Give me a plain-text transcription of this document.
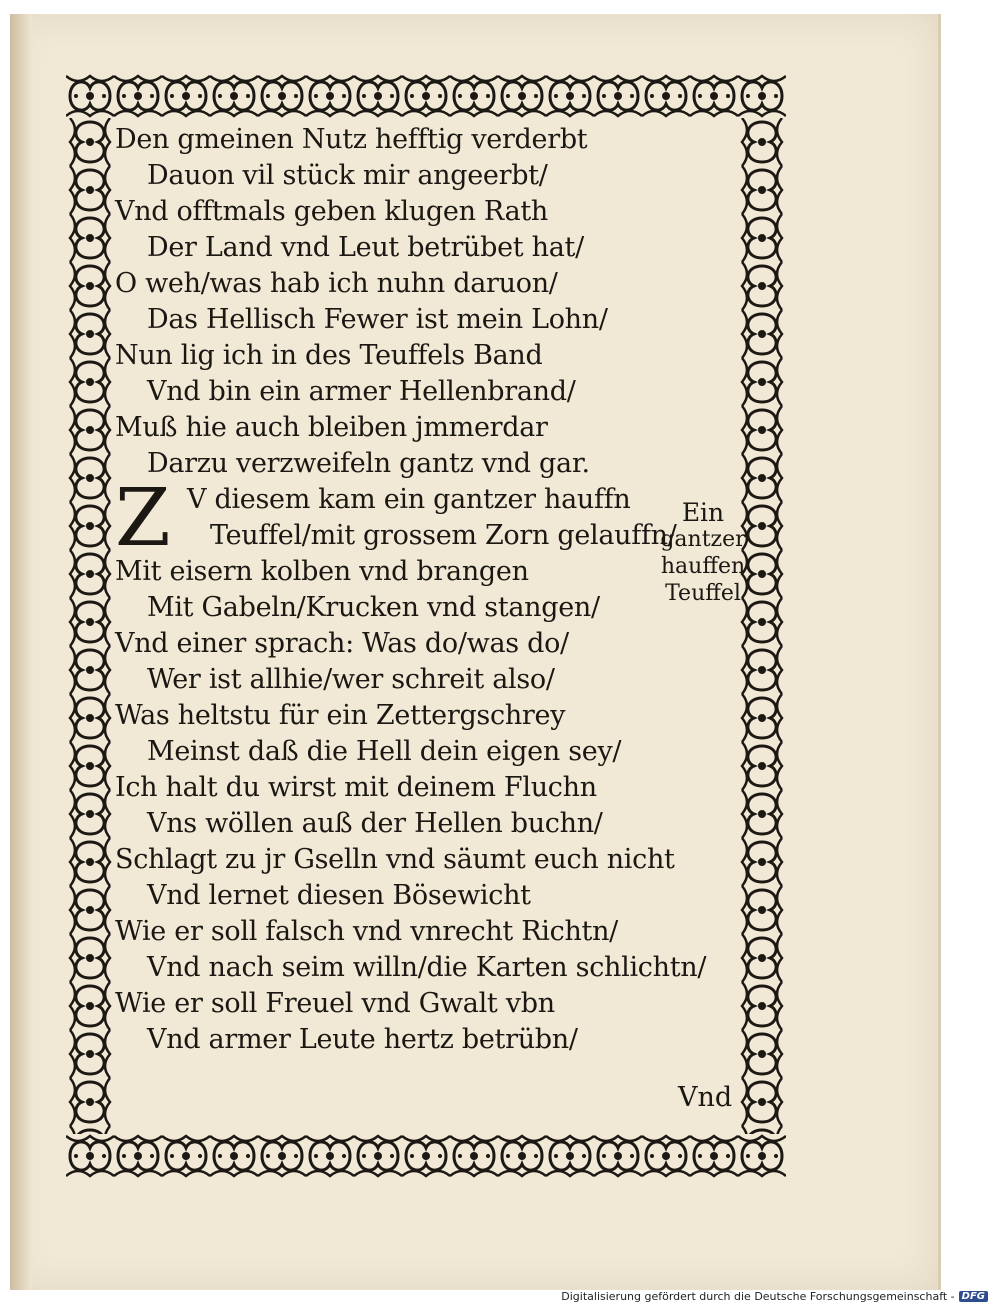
Den gmeinen Nutz hefftig verderbt
Dauon vil stück mir angeerbt/
Vnd offtmals geben klugen Rath
Der Land vnd Leut betrübet hat/
O weh/was hab ich nuhn daruon/
Das Hellisch Fewer ist mein Lohn/
Nun lig ich in des Teuffels Band
Vnd bin ein armer Hellenbrand/
Muß hie auch bleiben jmmerdar
Darzu verzweifeln gantz vnd gar.
Z V diesem kam ein gantzer hauffn
Teuffel/mit grossem Zorn gelauffn/
Mit eisern kolben vnd brangen
Mit Gabeln/Krucken vnd stangen/
Vnd einer sprach: Was do/was do/
Wer ist allhie/wer schreit also/
Was heltstu für ein Zettergschrey
Meinst daß die Hell dein eigen sey/
Ich halt du wirst mit deinem Fluchn
Vns wöllen auß der Hellen buchn/
Schlagt zu jr Gselln vnd säumt euch nicht
Vnd lernet diesen Bösewicht
Wie er soll falsch vnd vnrecht Richtn/
Vnd nach seim willn/die Karten schlichtn/
Wie er soll Freuel vnd Gwalt vbn
Vnd armer Leute hertz betrübn/
Ein
gantzer
hauffen
Teuffel
Vnd
Digitalisierung gefördert durch die Deutsche Forschungsgemeinschaft - DFG
